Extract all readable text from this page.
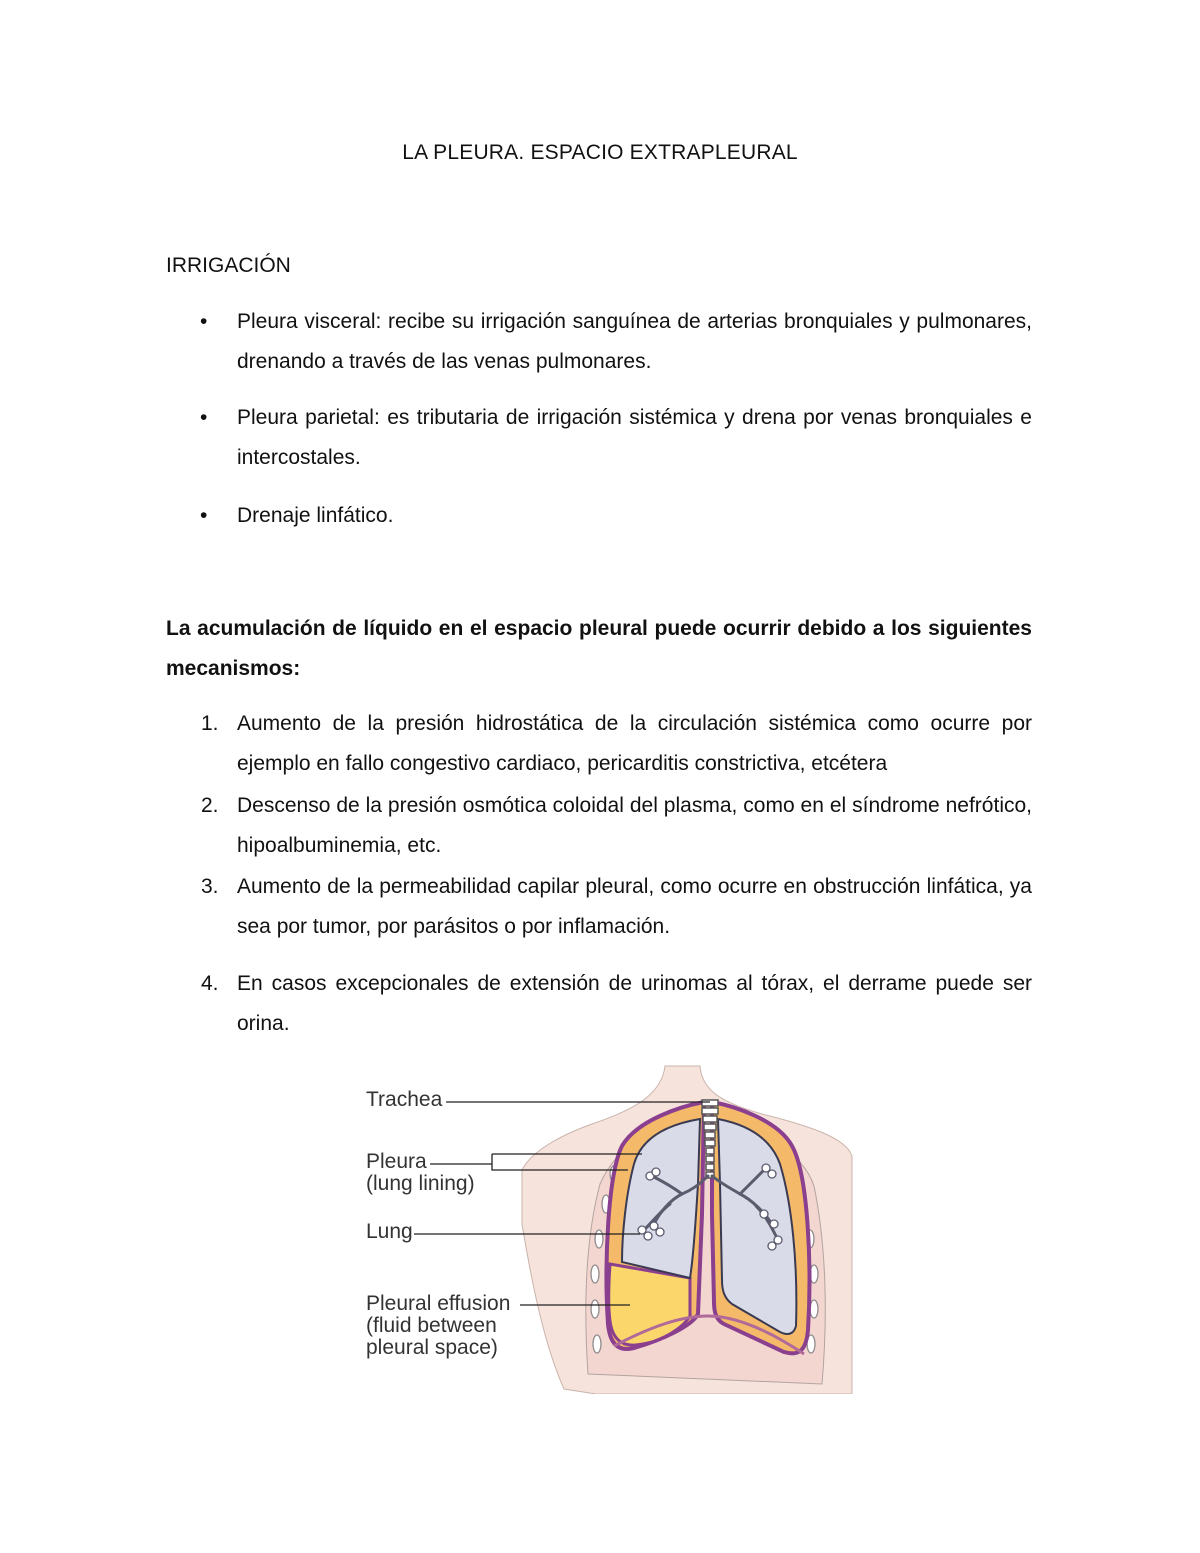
LA PLEURA. ESPACIO EXTRAPLEURAL
IRRIGACIÓN
• Pleura visceral: recibe su irrigación sanguínea de arterias bronquiales y pulmonares, drenando a través de las venas pulmonares.
• Pleura parietal: es tributaria de irrigación sistémica y drena por venas bronquiales e intercostales.
• Drenaje linfático.
La acumulación de líquido en el espacio pleural puede ocurrir debido a los siguientes mecanismos:
1. Aumento de la presión hidrostática de la circulación sistémica como ocurre por ejemplo en fallo congestivo cardiaco, pericarditis constrictiva, etcétera
2. Descenso de la presión osmótica coloidal del plasma, como en el síndrome nefrótico, hipoalbuminemia, etc.
3. Aumento de la permeabilidad capilar pleural, como ocurre en obstrucción linfática, ya sea por tumor, por parásitos o por inflamación.
4. En casos excepcionales de extensión de urinomas al tórax, el derrame puede ser orina.
Trachea
Pleura
(lung lining)
Lung
Pleural effusion
(fluid between
pleural space)
